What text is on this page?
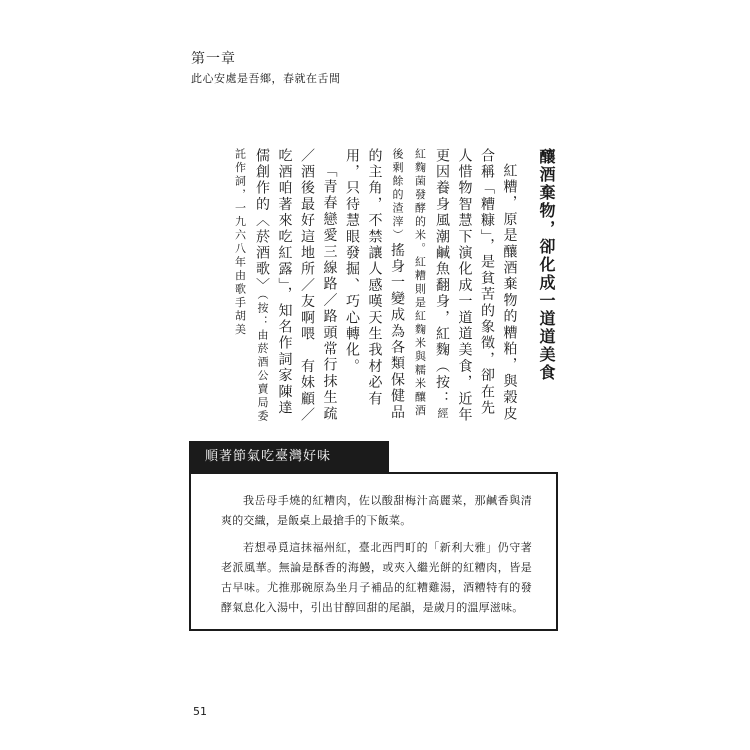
第一章
此心安處是吾鄉，春就在舌間

釀酒棄物，卻化成一道道美食

紅糟，原是釀酒棄物的糟粕，與榖皮合稱「糟糠」，是貧苦的象徵，卻在先人惜物智慧下演化成一道道美食，近年更因養身風潮鹹魚翻身，紅麴（按：經紅麴菌發酵的米。紅糟則是紅麴米與糯米釀酒後剩餘的渣滓）搖身一變成為各類保健品的主角，不禁讓人感嘆天生我材必有用，只待慧眼發掘、巧心轉化。

「青春戀愛三線路／路頭常行抹生疏／酒後最好這地所／友啊喂　有妹顧／吃酒咱著來吃紅露」，知名作詞家陳達儒創作的〈菸酒歌〉（按：由菸酒公賣局委託作詞，一九六八年由歌手胡美

順著節氣吃臺灣好味

我岳母手燒的紅糟肉，佐以酸甜梅汁高麗菜，那鹹香與清爽的交織，是飯桌上最搶手的下飯菜。

若想尋覓這抹福州紅，臺北西門町的「新利大雅」仍守著老派風華。無論是酥香的海鰻，或夾入繼光餅的紅糟肉，皆是古早味。尤推那碗原為坐月子補品的紅糟雞湯，酒糟特有的發酵氣息化入湯中，引出甘醇回甜的尾韻，是歲月的溫厚滋味。

51
